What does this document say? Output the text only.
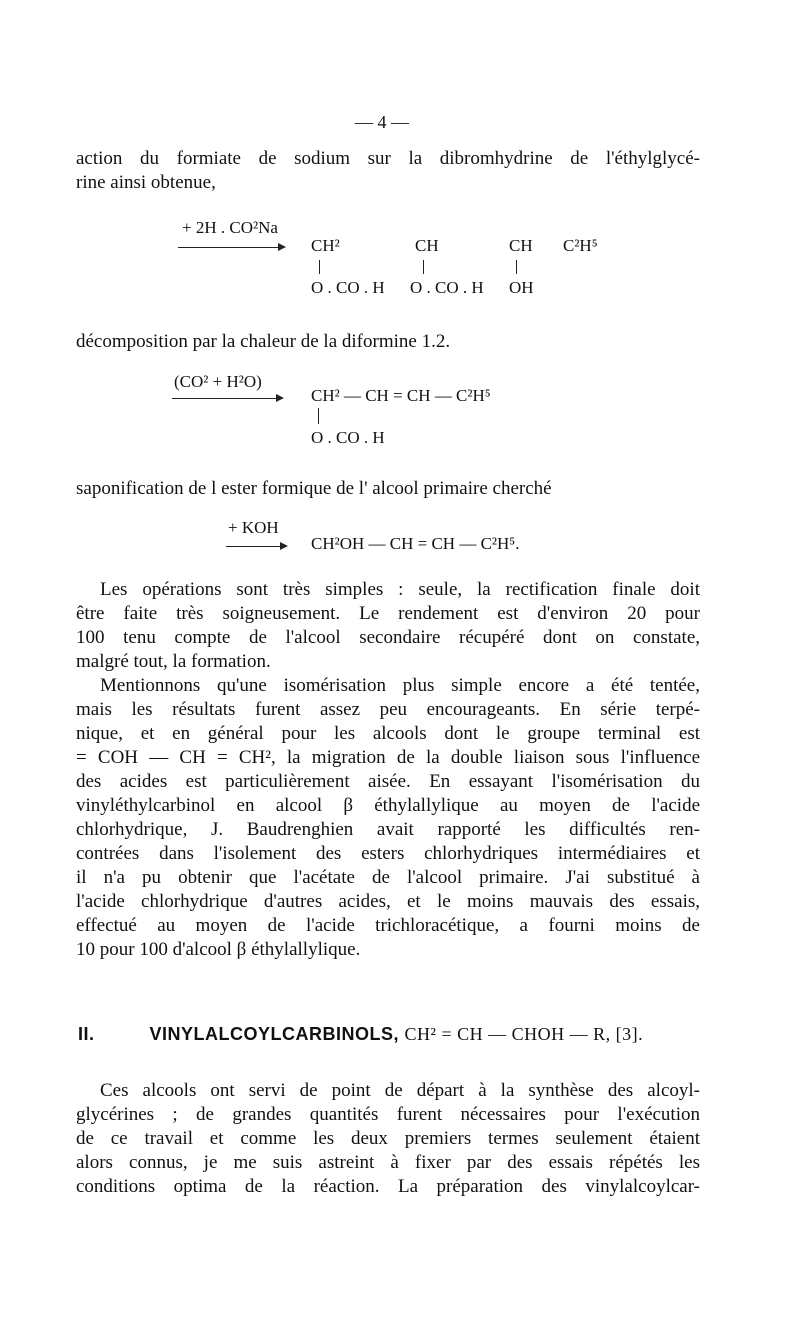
— 4 —
action du formiate de sodium sur la dibromhydrine de l'éthylglycé-
rine ainsi obtenue,
+ 2H . CO²Na
CH²
O . CO . H
CH
O . CO . H
CH
OH
C²H⁵
décomposition par la chaleur de la diformine 1.2.
(CO² + H²O)
CH² — CH = CH — C²H⁵
O . CO . H
saponification de l ester formique de l' alcool primaire cherché
+ KOH
CH²OH — CH = CH — C²H⁵.
Les opérations sont très simples : seule, la rectification finale doit
être faite très soigneusement. Le rendement est d'environ 20 pour
100 tenu compte de l'alcool secondaire récupéré dont on constate,
malgré tout, la formation.
Mentionnons qu'une isomérisation plus simple encore a été tentée,
mais les résultats furent assez peu encourageants. En série terpé-
nique, et en général pour les alcools dont le groupe terminal est
= COH — CH = CH², la migration de la double liaison sous l'influence
des acides est particulièrement aisée. En essayant l'isomérisation du
vinyléthylcarbinol en alcool β éthylallylique au moyen de l'acide
chlorhydrique, J. Baudrenghien avait rapporté les difficultés ren-
contrées dans l'isolement des esters chlorhydriques intermédiaires et
il n'a pu obtenir que l'acétate de l'alcool primaire. J'ai substitué à
l'acide chlorhydrique d'autres acides, et le moins mauvais des essais,
effectué au moyen de l'acide trichloracétique, a fourni moins de
10 pour 100 d'alcool β éthylallylique.
II.	VINYLALCOYLCARBINOLS, CH² = CH — CHOH — R, [3].
Ces alcools ont servi de point de départ à la synthèse des alcoyl-
glycérines ; de grandes quantités furent nécessaires pour l'exécution
de ce travail et comme les deux premiers termes seulement étaient
alors connus, je me suis astreint à fixer par des essais répétés les
conditions optima de la réaction. La préparation des vinylalcoylcar-
